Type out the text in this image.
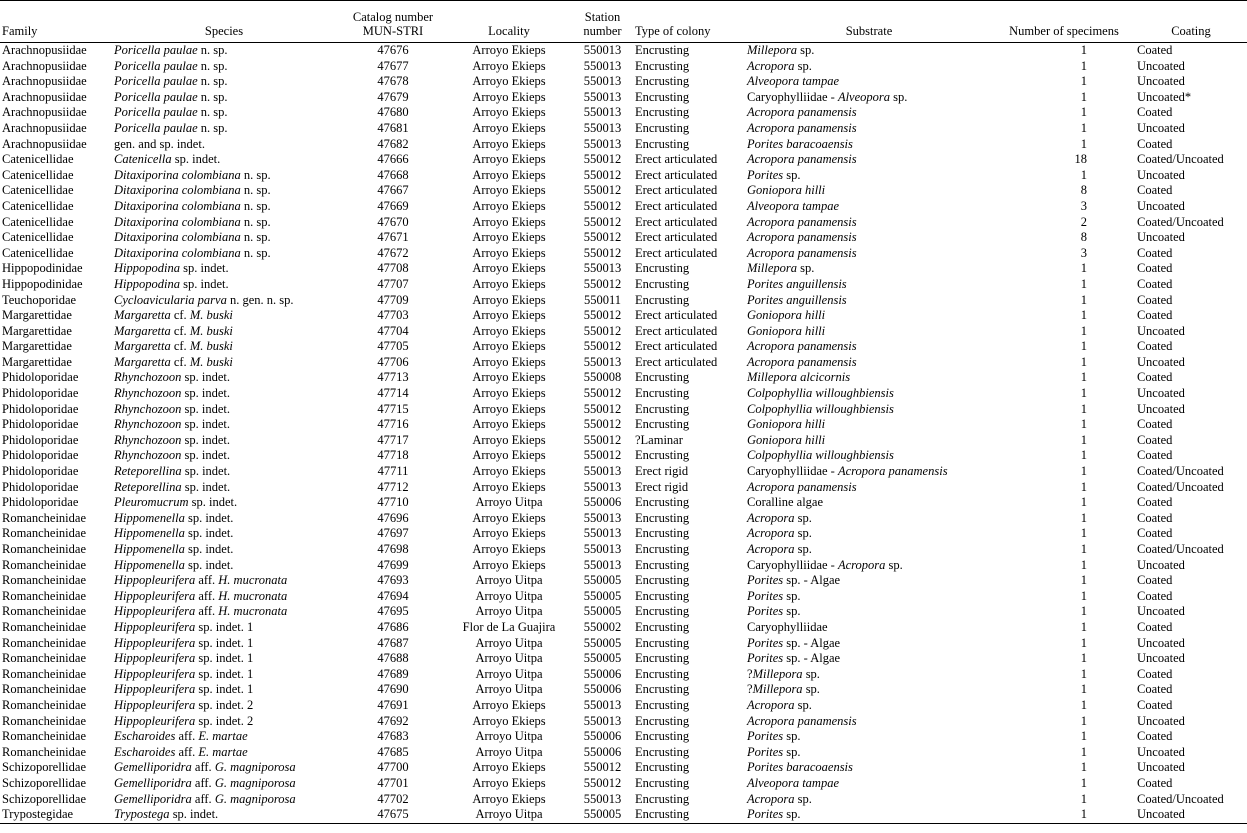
Family	Species	Catalog number MUN-STRI	Locality	Station number	Type of colony	Substrate	Number of specimens	Coating
Arachnopusiidae	Poricella paulae n. sp.	47676	Arroyo Ekieps	550013	Encrusting	Millepora sp.	1	Coated
Arachnopusiidae	Poricella paulae n. sp.	47677	Arroyo Ekieps	550013	Encrusting	Acropora sp.	1	Uncoated
Arachnopusiidae	Poricella paulae n. sp.	47678	Arroyo Ekieps	550013	Encrusting	Alveopora tampae	1	Uncoated
Arachnopusiidae	Poricella paulae n. sp.	47679	Arroyo Ekieps	550013	Encrusting	Caryophylliidae - Alveopora sp.	1	Uncoated*
Arachnopusiidae	Poricella paulae n. sp.	47680	Arroyo Ekieps	550013	Encrusting	Acropora panamensis	1	Coated
Arachnopusiidae	Poricella paulae n. sp.	47681	Arroyo Ekieps	550013	Encrusting	Acropora panamensis	1	Uncoated
Arachnopusiidae	gen. and sp. indet.	47682	Arroyo Ekieps	550013	Encrusting	Porites baracoaensis	1	Coated
Catenicellidae	Catenicella sp. indet.	47666	Arroyo Ekieps	550012	Erect articulated	Acropora panamensis	18	Coated/Uncoated
Catenicellidae	Ditaxiporina colombiana n. sp.	47668	Arroyo Ekieps	550012	Erect articulated	Porites sp.	1	Uncoated
Catenicellidae	Ditaxiporina colombiana n. sp.	47667	Arroyo Ekieps	550012	Erect articulated	Goniopora hilli	8	Coated
Catenicellidae	Ditaxiporina colombiana n. sp.	47669	Arroyo Ekieps	550012	Erect articulated	Alveopora tampae	3	Uncoated
Catenicellidae	Ditaxiporina colombiana n. sp.	47670	Arroyo Ekieps	550012	Erect articulated	Acropora panamensis	2	Coated/Uncoated
Catenicellidae	Ditaxiporina colombiana n. sp.	47671	Arroyo Ekieps	550012	Erect articulated	Acropora panamensis	8	Uncoated
Catenicellidae	Ditaxiporina colombiana n. sp.	47672	Arroyo Ekieps	550012	Erect articulated	Acropora panamensis	3	Coated
Hippopodinidae	Hippopodina sp. indet.	47708	Arroyo Ekieps	550013	Encrusting	Millepora sp.	1	Coated
Hippopodinidae	Hippopodina sp. indet.	47707	Arroyo Ekieps	550012	Encrusting	Porites anguillensis	1	Coated
Teuchoporidae	Cycloavicularia parva n. gen. n. sp.	47709	Arroyo Ekieps	550011	Encrusting	Porites anguillensis	1	Coated
Margarettidae	Margaretta cf. M. buski	47703	Arroyo Ekieps	550012	Erect articulated	Goniopora hilli	1	Coated
Margarettidae	Margaretta cf. M. buski	47704	Arroyo Ekieps	550012	Erect articulated	Goniopora hilli	1	Uncoated
Margarettidae	Margaretta cf. M. buski	47705	Arroyo Ekieps	550012	Erect articulated	Acropora panamensis	1	Coated
Margarettidae	Margaretta cf. M. buski	47706	Arroyo Ekieps	550013	Erect articulated	Acropora panamensis	1	Uncoated
Phidoloporidae	Rhynchozoon sp. indet.	47713	Arroyo Ekieps	550008	Encrusting	Millepora alcicornis	1	Coated
Phidoloporidae	Rhynchozoon sp. indet.	47714	Arroyo Ekieps	550012	Encrusting	Colpophyllia willoughbiensis	1	Uncoated
Phidoloporidae	Rhynchozoon sp. indet.	47715	Arroyo Ekieps	550012	Encrusting	Colpophyllia willoughbiensis	1	Uncoated
Phidoloporidae	Rhynchozoon sp. indet.	47716	Arroyo Ekieps	550012	Encrusting	Goniopora hilli	1	Coated
Phidoloporidae	Rhynchozoon sp. indet.	47717	Arroyo Ekieps	550012	?Laminar	Goniopora hilli	1	Coated
Phidoloporidae	Rhynchozoon sp. indet.	47718	Arroyo Ekieps	550012	Encrusting	Colpophyllia willoughbiensis	1	Coated
Phidoloporidae	Reteporellina sp. indet.	47711	Arroyo Ekieps	550013	Erect rigid	Caryophylliidae - Acropora panamensis	1	Coated/Uncoated
Phidoloporidae	Reteporellina sp. indet.	47712	Arroyo Ekieps	550013	Erect rigid	Acropora panamensis	1	Coated/Uncoated
Phidoloporidae	Pleuromucrum sp. indet.	47710	Arroyo Uitpa	550006	Encrusting	Coralline algae	1	Coated
Romancheinidae	Hippomenella sp. indet.	47696	Arroyo Ekieps	550013	Encrusting	Acropora sp.	1	Coated
Romancheinidae	Hippomenella sp. indet.	47697	Arroyo Ekieps	550013	Encrusting	Acropora sp.	1	Coated
Romancheinidae	Hippomenella sp. indet.	47698	Arroyo Ekieps	550013	Encrusting	Acropora sp.	1	Coated/Uncoated
Romancheinidae	Hippomenella sp. indet.	47699	Arroyo Ekieps	550013	Encrusting	Caryophylliidae - Acropora sp.	1	Uncoated
Romancheinidae	Hippopleurifera aff. H. mucronata	47693	Arroyo Uitpa	550005	Encrusting	Porites sp. - Algae	1	Coated
Romancheinidae	Hippopleurifera aff. H. mucronata	47694	Arroyo Uitpa	550005	Encrusting	Porites sp.	1	Coated
Romancheinidae	Hippopleurifera aff. H. mucronata	47695	Arroyo Uitpa	550005	Encrusting	Porites sp.	1	Uncoated
Romancheinidae	Hippopleurifera sp. indet. 1	47686	Flor de La Guajira	550002	Encrusting	Caryophylliidae	1	Coated
Romancheinidae	Hippopleurifera sp. indet. 1	47687	Arroyo Uitpa	550005	Encrusting	Porites sp. - Algae	1	Uncoated
Romancheinidae	Hippopleurifera sp. indet. 1	47688	Arroyo Uitpa	550005	Encrusting	Porites sp. - Algae	1	Uncoated
Romancheinidae	Hippopleurifera sp. indet. 1	47689	Arroyo Uitpa	550006	Encrusting	?Millepora sp.	1	Coated
Romancheinidae	Hippopleurifera sp. indet. 1	47690	Arroyo Uitpa	550006	Encrusting	?Millepora sp.	1	Coated
Romancheinidae	Hippopleurifera sp. indet. 2	47691	Arroyo Ekieps	550013	Encrusting	Acropora sp.	1	Coated
Romancheinidae	Hippopleurifera sp. indet. 2	47692	Arroyo Ekieps	550013	Encrusting	Acropora panamensis	1	Uncoated
Romancheinidae	Escharoides aff. E. martae	47683	Arroyo Uitpa	550006	Encrusting	Porites sp.	1	Coated
Romancheinidae	Escharoides aff. E. martae	47685	Arroyo Uitpa	550006	Encrusting	Porites sp.	1	Uncoated
Schizoporellidae	Gemelliporidra aff. G. magniporosa	47700	Arroyo Ekieps	550012	Encrusting	Porites baracoaensis	1	Uncoated
Schizoporellidae	Gemelliporidra aff. G. magniporosa	47701	Arroyo Ekieps	550012	Encrusting	Alveopora tampae	1	Coated
Schizoporellidae	Gemelliporidra aff. G. magniporosa	47702	Arroyo Ekieps	550013	Encrusting	Acropora sp.	1	Coated/Uncoated
Trypostegidae	Trypostega sp. indet.	47675	Arroyo Uitpa	550005	Encrusting	Porites sp.	1	Uncoated
